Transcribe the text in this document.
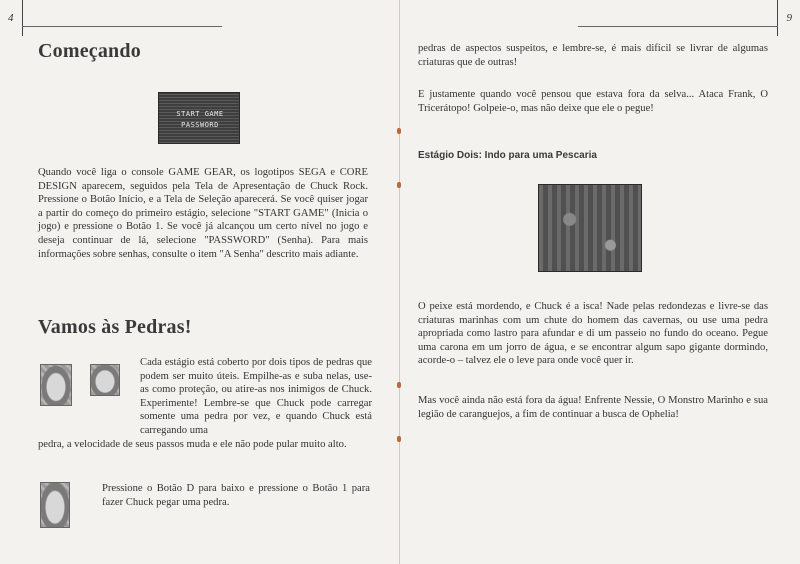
4
Começando
START GAME
PASSWORD

Quando você liga o console GAME GEAR, os logotipos SEGA e CORE DESIGN aparecem, seguidos pela Tela de Apresentação de Chuck Rock. Pressione o Botão Início, e a Tela de Seleção aparecerá. Se você quiser jogar a partir do começo do primeiro estágio, selecione "START GAME" (Inicia o jogo) e pressione o Botão 1. Se você já alcançou um certo nível no jogo e deseja continuar de lá, selecione "PASSWORD" (Senha). Para mais informações sobre senhas, consulte o item "A Senha" descrito mais adiante.

Vamos às Pedras!

Cada estágio está coberto por dois tipos de pedras que podem ser muito úteis. Empilhe-as e suba nelas, use-as como proteção, ou atire-as nos inimigos de Chuck. Experimente! Lembre-se que Chuck pode carregar somente uma pedra por vez, e quando Chuck está carregando uma

pedra, a velocidade de seus passos muda e ele não pode pular muito alto.

Pressione o Botão D para baixo e pressione o Botão 1 para fazer Chuck pegar uma pedra.

9

pedras de aspectos suspeitos, e lembre-se, é mais difícil se livrar de algumas criaturas que de outras!

E justamente quando você pensou que estava fora da selva... Ataca Frank, O Tricerátopo! Golpeie-o, mas não deixe que ele o pegue!

Estágio Dois: Indo para uma Pescaria

O peixe está mordendo, e Chuck é a isca! Nade pelas redondezas e livre-se das criaturas marinhas com um chute do homem das cavernas, ou use uma pedra apropriada como lastro para afundar e di um passeio no fundo do oceano. Pegue uma carona em um jorro de água, e se encontrar algum sapo gigante dormindo, acorde-o – talvez ele o leve para onde você quer ir.

Mas você ainda não está fora da água! Enfrente Nessie, O Monstro Marinho e sua legião de caranguejos, a fim de continuar a busca de Ophelia!
